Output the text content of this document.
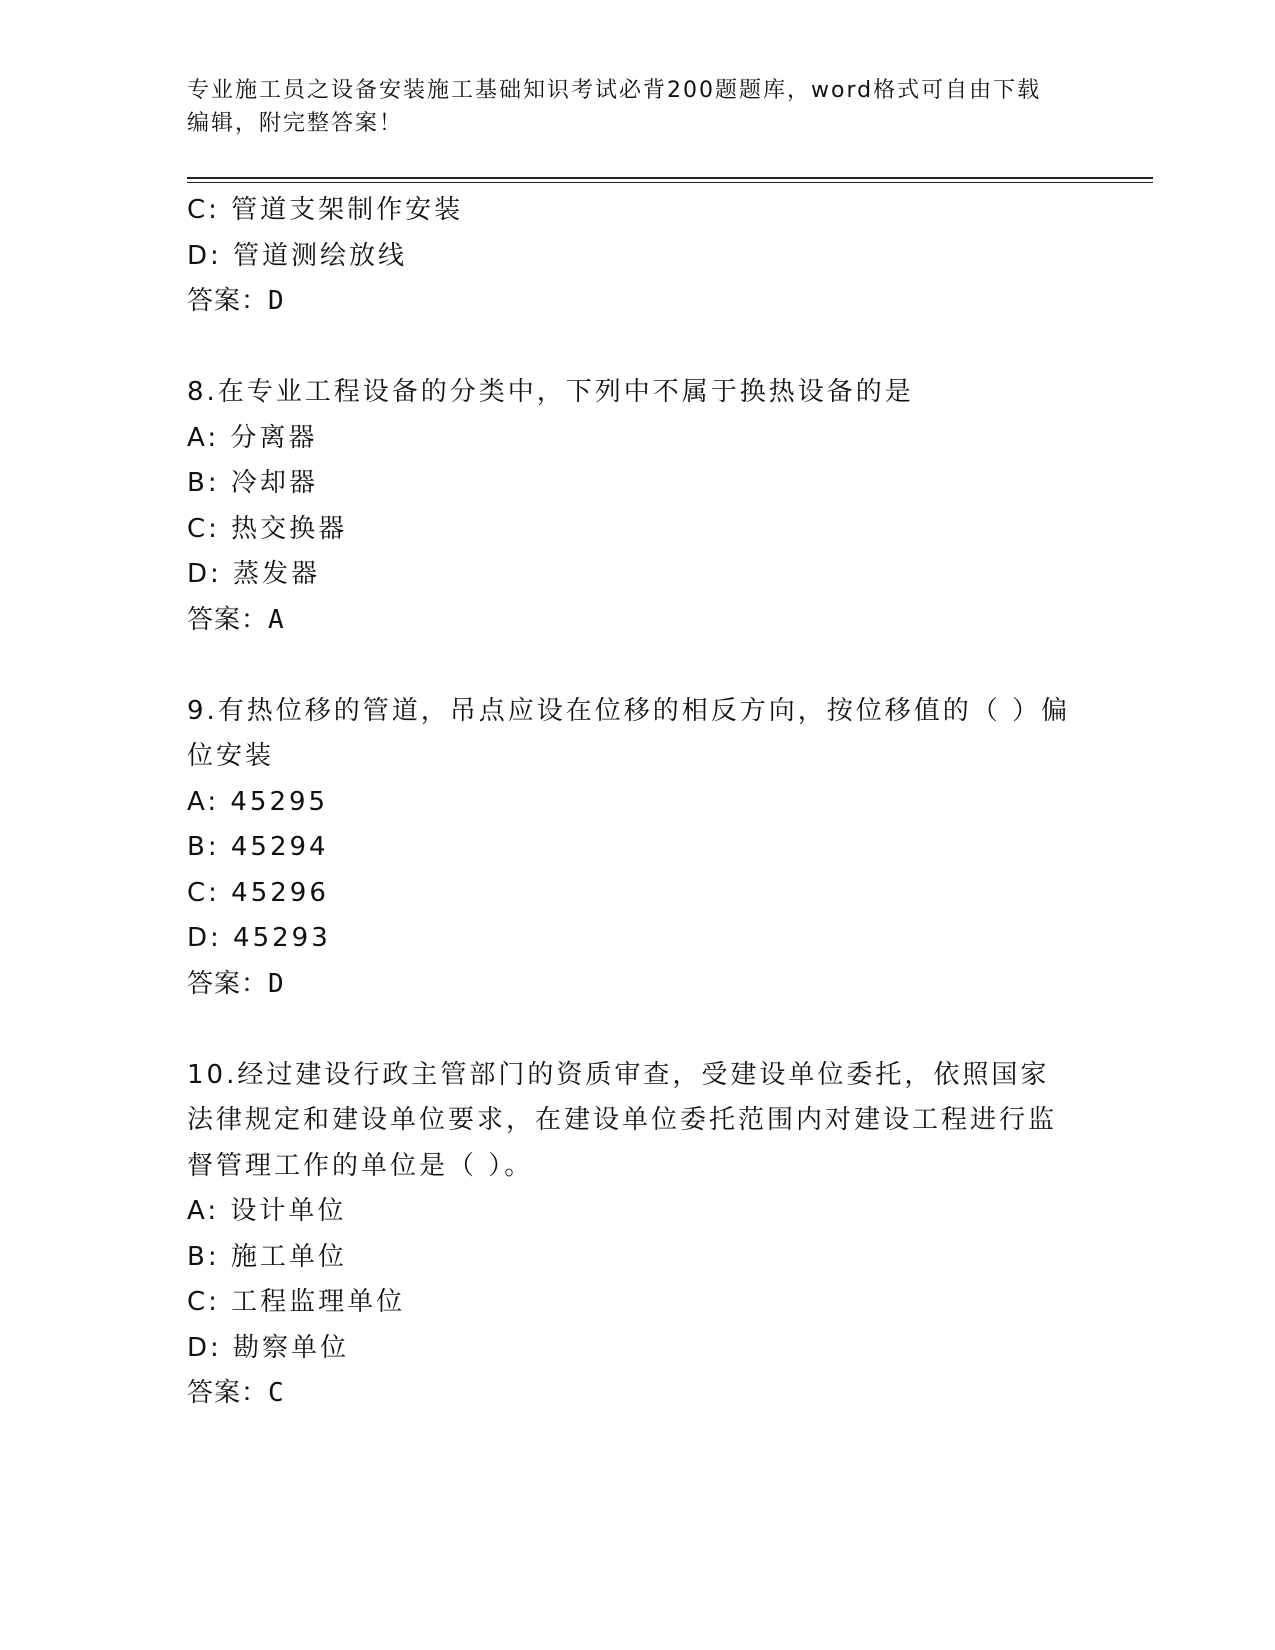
专业施工员之设备安装施工基础知识考试必背200题题库，word格式可自由下载
编辑，附完整答案！
C: 管道支架制作安装
D: 管道测绘放线
答案：D
8.在专业工程设备的分类中，下列中不属于换热设备的是
A: 分离器
B: 冷却器
C: 热交换器
D: 蒸发器
答案：A
9.有热位移的管道，吊点应设在位移的相反方向，按位移值的（ ）偏位安装
A: 45295
B: 45294
C: 45296
D: 45293
答案：D
10.经过建设行政主管部门的资质审查，受建设单位委托，依照国家法律规定和建设单位要求，在建设单位委托范围内对建设工程进行监督管理工作的单位是（ ）。
A: 设计单位
B: 施工单位
C: 工程监理单位
D: 勘察单位
答案：C
